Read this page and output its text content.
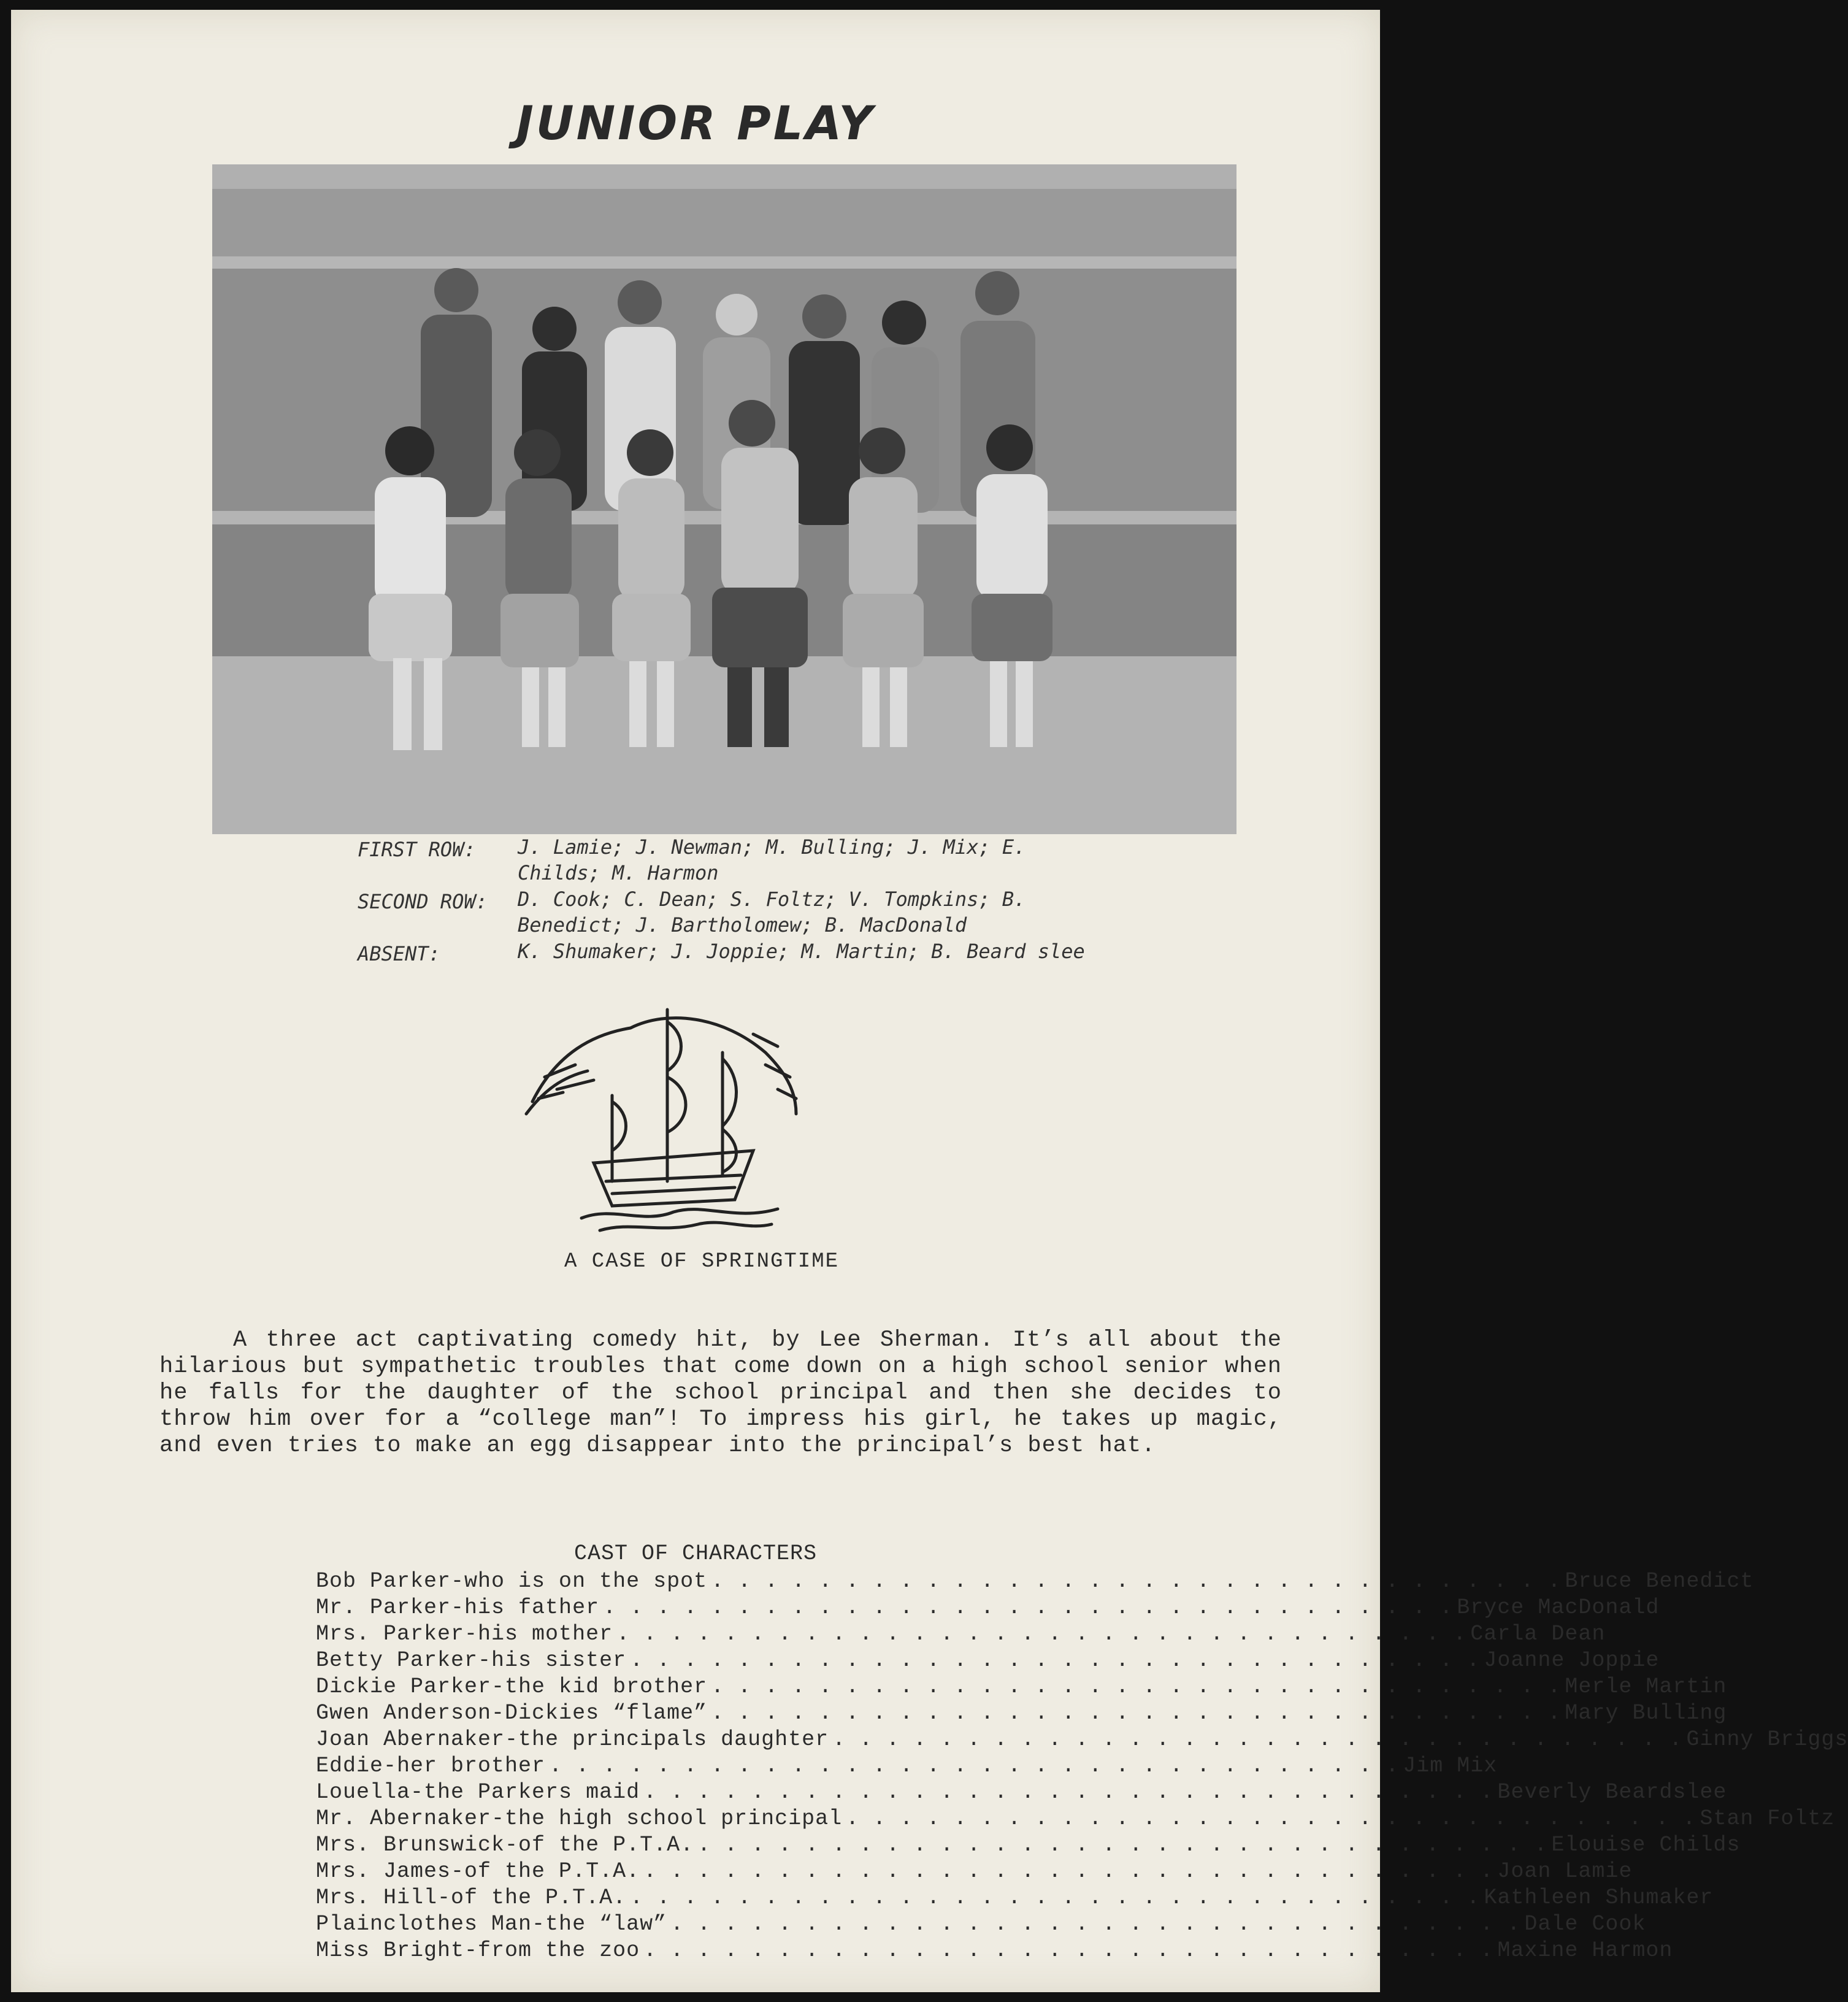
JUNIOR PLAY
FIRST ROW: J. Lamie; J. Newman; M. Bulling; J. Mix; E. Childs; M. Harmon
SECOND ROW: D. Cook; C. Dean; S. Foltz; V. Tompkins; B. Benedict; J. Bartholomew; B. MacDonald
ABSENT:	K. Shumaker; J. Joppie; M. Martin; B. Beard slee
A CASE OF SPRINGTIME
A three act captivating comedy hit, by Lee Sherman. It’s all about the hilarious but sympathetic troubles that come down on a high school senior when he falls for the daughter of the school principal and then she decides to throw him over for a “college man”! To impress his girl, he takes up magic, and even tries to make an egg disappear into the principal’s best hat.
CAST OF CHARACTERS
Bob Parker-who is on the spot . . . . . . . . . . . . . . . . . . . . . . . . . . . . . . . . Bruce Benedict
Mr. Parker-his father . . . . . . . . . . . . . . . . . . . . . . . . . . . . . . . . Bryce MacDonald
Mrs. Parker-his mother . . . . . . . . . . . . . . . . . . . . . . . . . . . . . . . . Carla Dean
Betty Parker-his sister . . . . . . . . . . . . . . . . . . . . . . . . . . . . . . . . Joanne Joppie
Dickie Parker-the kid brother . . . . . . . . . . . . . . . . . . . . . . . . . . . . . . . . Merle Martin
Gwen Anderson-Dickies “flame” . . . . . . . . . . . . . . . . . . . . . . . . . . . . . . . . Mary Bulling
Joan Abernaker-the principals daughter . . . . . . . . . . . . . . . . . . . . . . . . . . . . . . . . Ginny Briggs
Eddie-her brother . . . . . . . . . . . . . . . . . . . . . . . . . . . . . . . . Jim Mix
Louella-the Parkers maid . . . . . . . . . . . . . . . . . . . . . . . . . . . . . . . . Beverly Beardslee
Mr. Abernaker-the high school principal . . . . . . . . . . . . . . . . . . . . . . . . . . . . . . . . Stan Foltz
Mrs. Brunswick-of the P.T.A. . . . . . . . . . . . . . . . . . . . . . . . . . . . . . . . . Elouise Childs
Mrs. James-of the P.T.A. . . . . . . . . . . . . . . . . . . . . . . . . . . . . . . . . Joan Lamie
Mrs. Hill-of the P.T.A. . . . . . . . . . . . . . . . . . . . . . . . . . . . . . . . . Kathleen Shumaker
Plainclothes Man-the “law” . . . . . . . . . . . . . . . . . . . . . . . . . . . . . . . . Dale Cook
Miss Bright-from the zoo . . . . . . . . . . . . . . . . . . . . . . . . . . . . . . . . Maxine Harmon
